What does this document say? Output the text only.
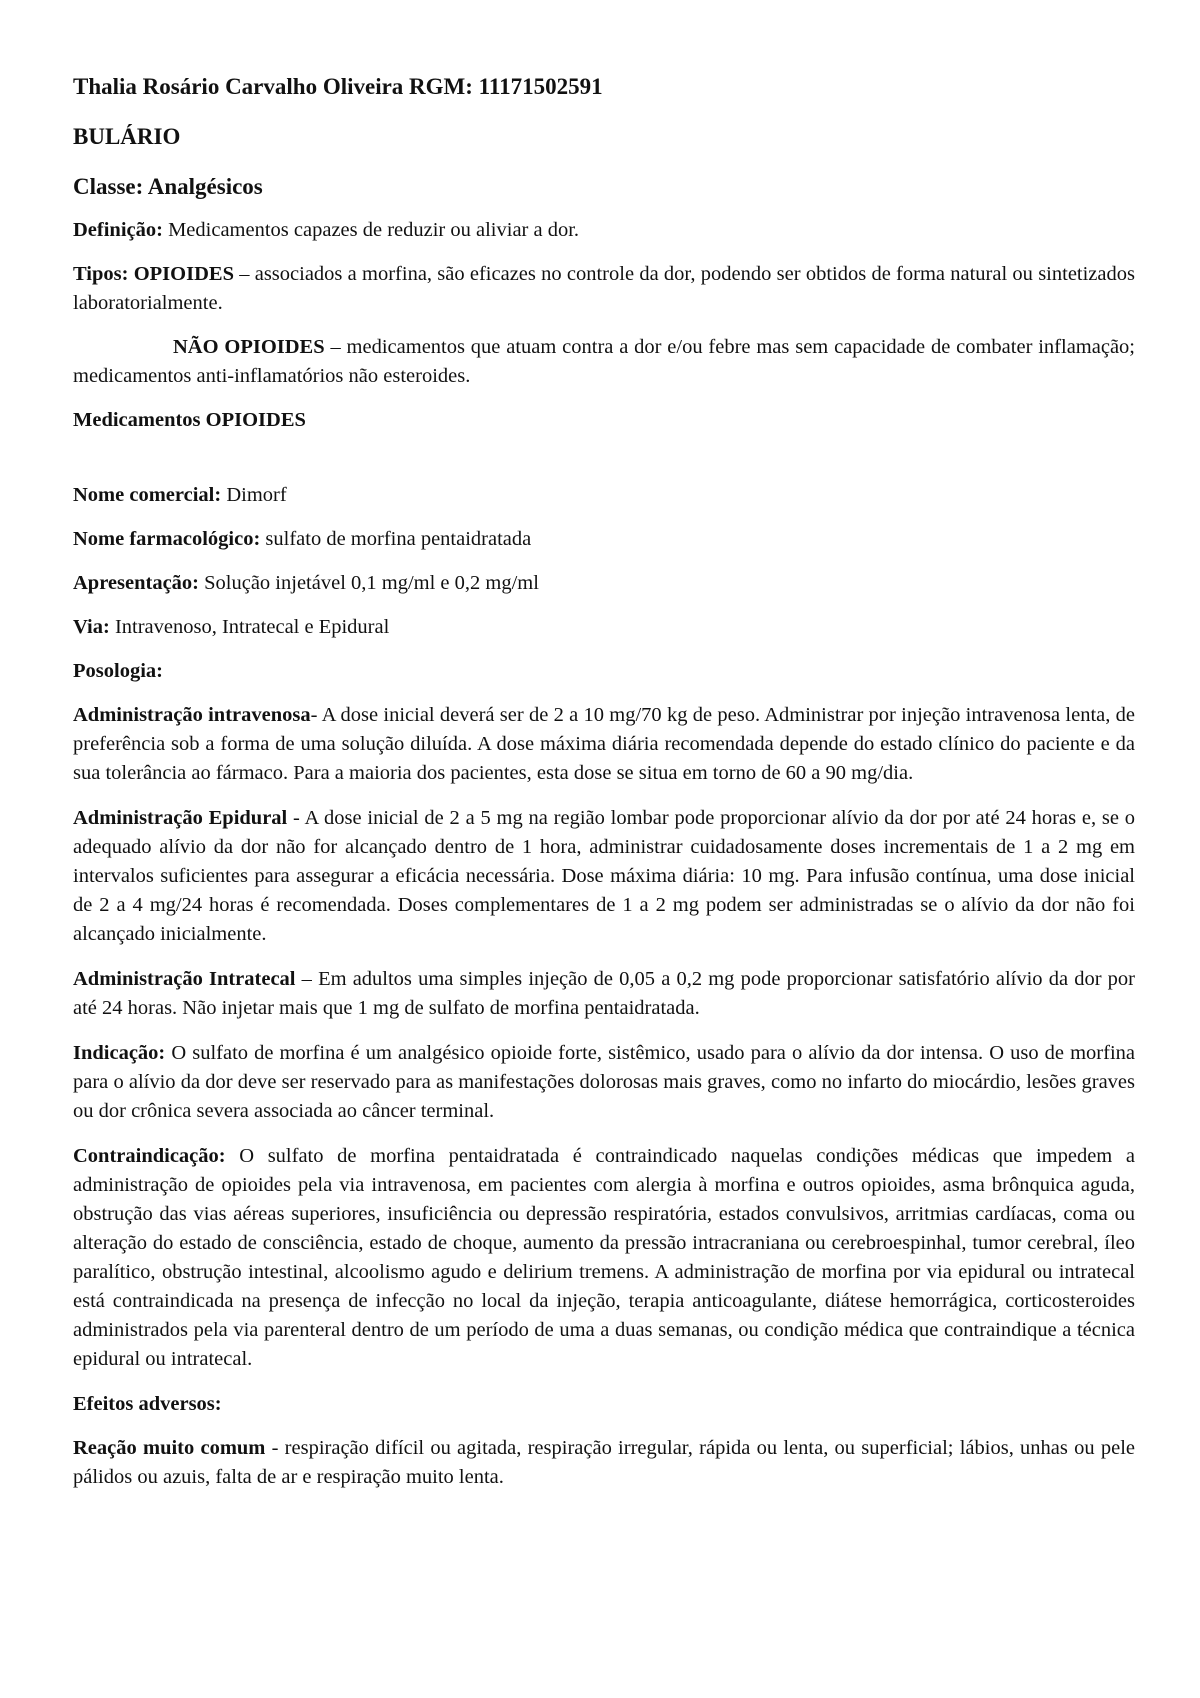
Thalia Rosário Carvalho Oliveira RGM: 11171502591

BULÁRIO

Classe: Analgésicos

Definição: Medicamentos capazes de reduzir ou aliviar a dor.

Tipos: OPIOIDES – associados a morfina, são eficazes no controle da dor, podendo ser obtidos de forma natural ou sintetizados laboratorialmente.

NÃO OPIOIDES – medicamentos que atuam contra a dor e/ou febre mas sem capacidade de combater inflamação; medicamentos anti-inflamatórios não esteroides.

Medicamentos OPIOIDES

Nome comercial: Dimorf

Nome farmacológico: sulfato de morfina pentaidratada

Apresentação: Solução injetável 0,1 mg/ml e 0,2 mg/ml

Via: Intravenoso, Intratecal e Epidural

Posologia:

Administração intravenosa- A dose inicial deverá ser de 2 a 10 mg/70 kg de peso. Administrar por injeção intravenosa lenta, de preferência sob a forma de uma solução diluída. A dose máxima diária recomendada depende do estado clínico do paciente e da sua tolerância ao fármaco. Para a maioria dos pacientes, esta dose se situa em torno de 60 a 90 mg/dia.

Administração Epidural - A dose inicial de 2 a 5 mg na região lombar pode proporcionar alívio da dor por até 24 horas e, se o adequado alívio da dor não for alcançado dentro de 1 hora, administrar cuidadosamente doses incrementais de 1 a 2 mg em intervalos suficientes para assegurar a eficácia necessária. Dose máxima diária: 10 mg. Para infusão contínua, uma dose inicial de 2 a 4 mg/24 horas é recomendada. Doses complementares de 1 a 2 mg podem ser administradas se o alívio da dor não foi alcançado inicialmente.

Administração Intratecal – Em adultos uma simples injeção de 0,05 a 0,2 mg pode proporcionar satisfatório alívio da dor por até 24 horas. Não injetar mais que 1 mg de sulfato de morfina pentaidratada.

Indicação: O sulfato de morfina é um analgésico opioide forte, sistêmico, usado para o alívio da dor intensa. O uso de morfina para o alívio da dor deve ser reservado para as manifestações dolorosas mais graves, como no infarto do miocárdio, lesões graves ou dor crônica severa associada ao câncer terminal.

Contraindicação: O sulfato de morfina pentaidratada é contraindicado naquelas condições médicas que impedem a administração de opioides pela via intravenosa, em pacientes com alergia à morfina e outros opioides, asma brônquica aguda, obstrução das vias aéreas superiores, insuficiência ou depressão respiratória, estados convulsivos, arritmias cardíacas, coma ou alteração do estado de consciência, estado de choque, aumento da pressão intracraniana ou cerebroespinhal, tumor cerebral, íleo paralítico, obstrução intestinal, alcoolismo agudo e delirium tremens. A administração de morfina por via epidural ou intratecal está contraindicada na presença de infecção no local da injeção, terapia anticoagulante, diátese hemorrágica, corticosteroides administrados pela via parenteral dentro de um período de uma a duas semanas, ou condição médica que contraindique a técnica epidural ou intratecal.

Efeitos adversos:

Reação muito comum - respiração difícil ou agitada, respiração irregular, rápida ou lenta, ou superficial; lábios, unhas ou pele pálidos ou azuis, falta de ar e respiração muito lenta.
